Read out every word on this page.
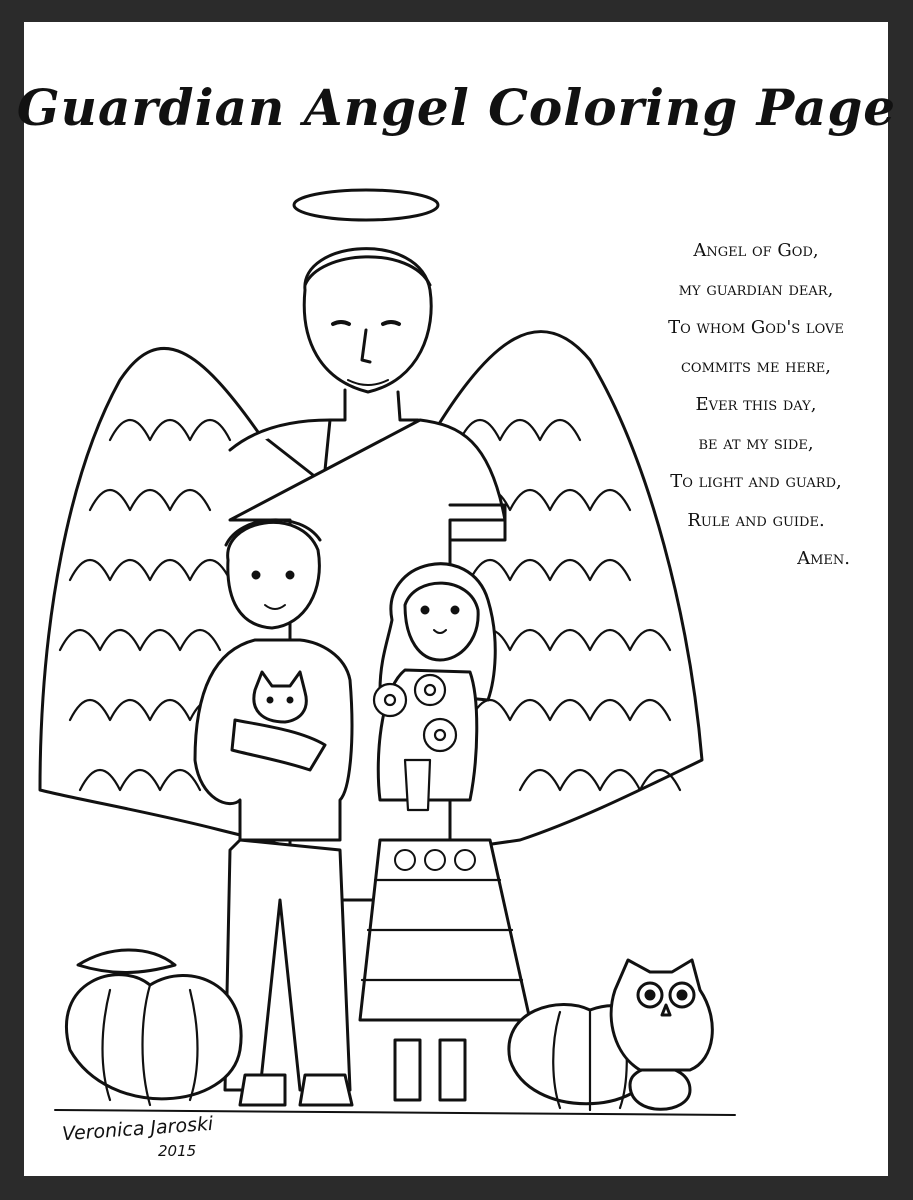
Guardian Angel Coloring Page
Angel of God,
my guardian dear,
To whom God's love
commits me here,
Ever this day,
be at my side,
To light and guard,
Rule and guide.
Amen.
Veronica Jaroski
2015
